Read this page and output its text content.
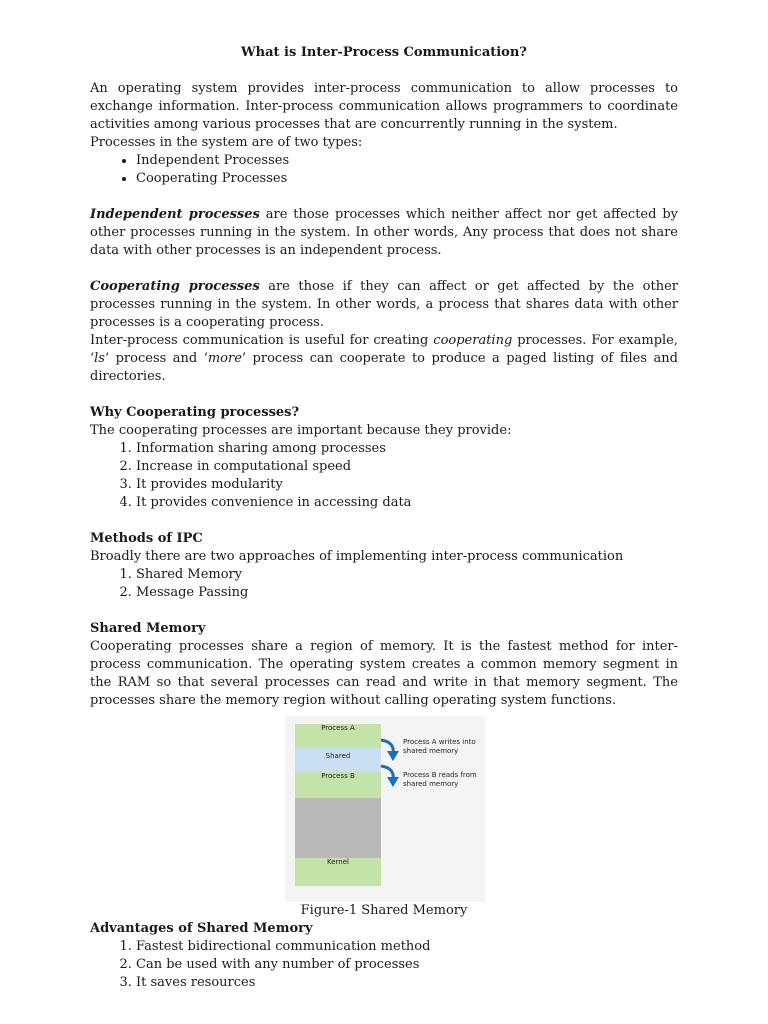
What is Inter-Process Communication?

An operating system provides inter-process communication to allow processes to exchange information. Inter-process communication allows programmers to coordinate activities among various processes that are concurrently running in the system.

Processes in the system are of two types:

• Independent Processes
• Cooperating Processes

Independent processes are those processes which neither affect nor get affected by other processes running in the system. In other words, Any process that does not share data with other processes is an independent process.

Cooperating processes are those if they can affect or get affected by the other processes running in the system. In other words, a process that shares data with other processes is a cooperating process.

Inter-process communication is useful for creating cooperating processes. For example, ‘ls’ process and ‘more’ process can cooperate to produce a paged listing of files and directories.

Why Cooperating processes?

The cooperating processes are important because they provide:

1. Information sharing among processes
2. Increase in computational speed
3. It provides modularity
4. It provides convenience in accessing data

Methods of IPC

Broadly there are two approaches of implementing inter-process communication

1. Shared Memory
2. Message Passing

Shared Memory

Cooperating processes share a region of memory. It is the fastest method for inter-process communication. The operating system creates a common memory segment in the RAM so that several processes can read and write in that memory segment. The processes share the memory region without calling operating system functions.

Process A
Shared
Process B
Kernel
Process A writes into shared memory
Process B reads from shared memory

Figure-1 Shared Memory

Advantages of Shared Memory

1. Fastest bidirectional communication method
2. Can be used with any number of processes
3. It saves resources
